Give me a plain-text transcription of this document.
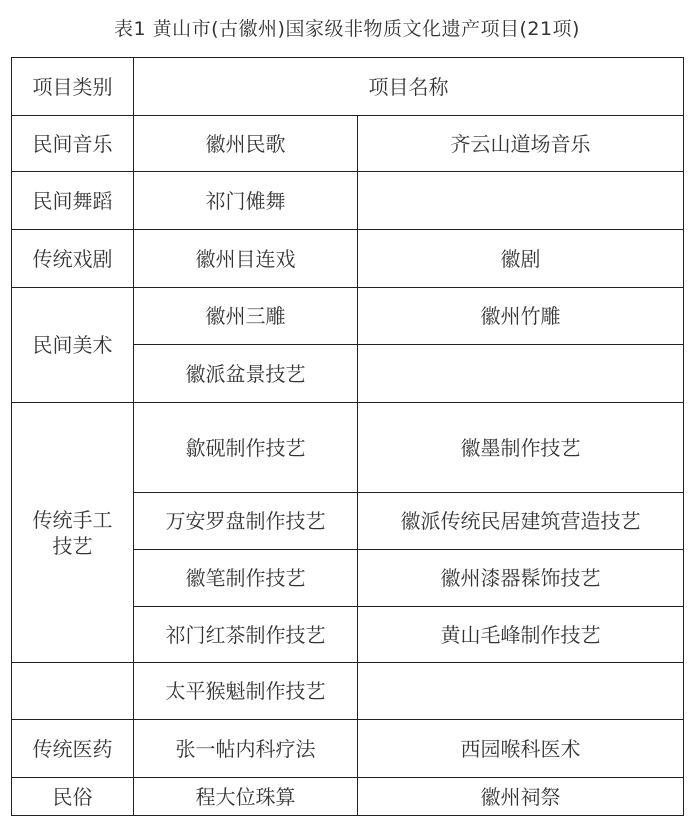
表1 黄山市(古徽州)国家级非物质文化遗产项目(21项)
项目类别	项目名称	
民间音乐	徽州民歌	齐云山道场音乐
民间舞蹈	祁门傩舞	
传统戏剧	徽州目连戏	徽剧
民间美术	徽州三雕	徽州竹雕
	徽派盆景技艺	
传统手工技艺	歙砚制作技艺	徽墨制作技艺
	万安罗盘制作技艺	徽派传统民居建筑营造技艺
	徽笔制作技艺	徽州漆器髹饰技艺
	祁门红茶制作技艺	黄山毛峰制作技艺
	太平猴魁制作技艺	
传统医药	张一帖内科疗法	西园喉科医术
民俗	程大位珠算	徽州祠祭
